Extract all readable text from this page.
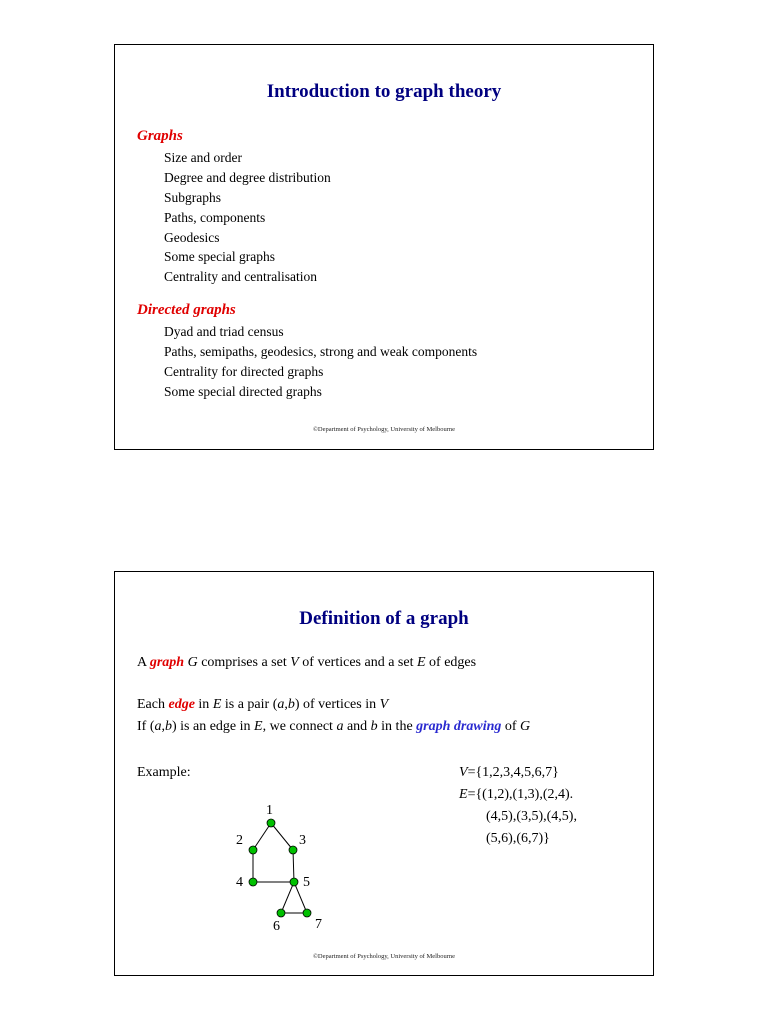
Introduction to graph theory
Graphs
Size and order
Degree and degree distribution
Subgraphs
Paths, components
Geodesics
Some special graphs
Centrality and centralisation
Directed graphs
Dyad and triad census
Paths, semipaths, geodesics, strong and weak components
Centrality for directed graphs
Some special directed graphs
©Department of Psychology, University of Melbourne
Definition of a graph
A graph G comprises a set V of vertices and a set E of edges
Each edge in E is a pair (a,b) of vertices in V
If (a,b) is an edge in E, we connect a and b in the graph drawing of G
Example:	V={1,2,3,4,5,6,7}
E={(1,2),(1,3),(2,4).
(4,5),(3,5),(4,5),
(5,6),(6,7)}
1
2	3
4	5
6	7
©Department of Psychology, University of Melbourne
